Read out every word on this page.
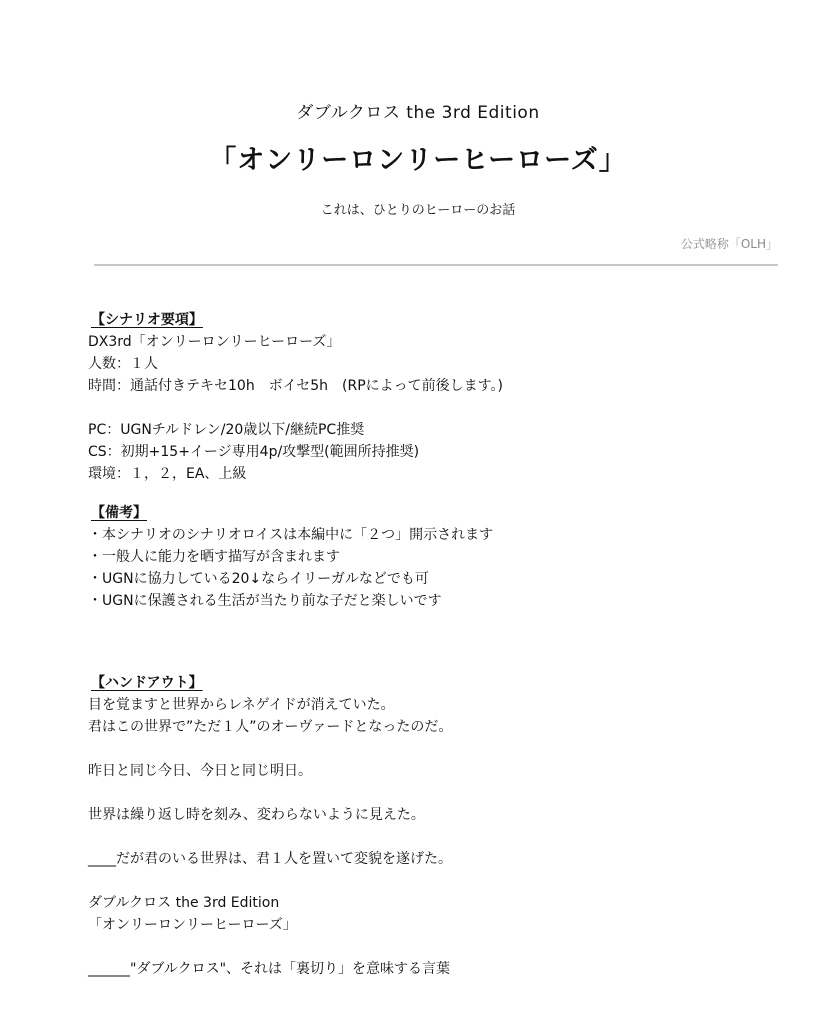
ダブルクロス the 3rd Edition
「オンリーロンリーヒーローズ」
これは、ひとりのヒーローのお話
公式略称「OLH」
【シナリオ要項】
DX3rd「オンリーロンリーヒーローズ」
人数：１人
時間：通話付きテキセ10h　ボイセ5h　(RPによって前後します。)
PC：UGNチルドレン/20歳以下/継続PC推奨
CS：初期+15+イージ専用4p/攻撃型(範囲所持推奨)
環境：１，２，EA、上級
【備考】
・本シナリオのシナリオロイスは本編中に「２つ」開示されます
・一般人に能力を晒す描写が含まれます
・UGNに協力している20↓ならイリーガルなどでも可
・UGNに保護される生活が当たり前な子だと楽しいです
【ハンドアウト】
目を覚ますと世界からレネゲイドが消えていた。
君はこの世界で”ただ１人”のオーヴァードとなったのだ。
昨日と同じ今日、今日と同じ明日。
世界は繰り返し時を刻み、変わらないように見えた。
____だが君のいる世界は、君１人を置いて変貌を遂げた。
ダブルクロス the 3rd Edition
「オンリーロンリーヒーローズ」
______"ダブルクロス"、それは「裏切り」を意味する言葉
